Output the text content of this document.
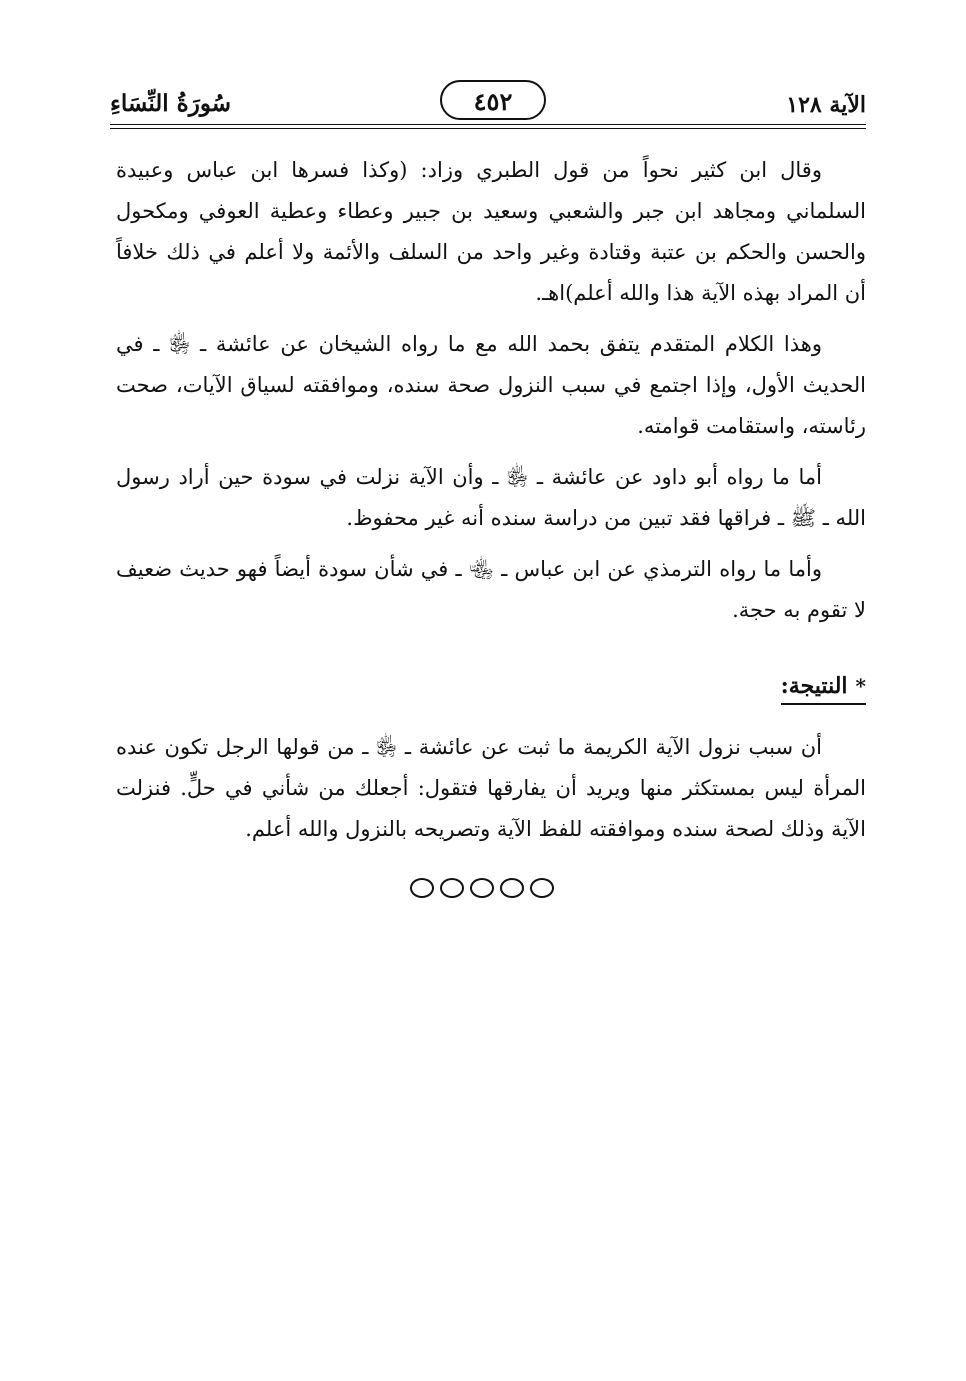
الآية ١٢٨
٤٥٢
سُورَةُ النِّسَاءِ

وقال ابن كثير نحواً من قول الطبري وزاد: (وكذا فسرها ابن عباس وعبيدة السلماني ومجاهد ابن جبر والشعبي وسعيد بن جبير وعطاء وعطية العوفي ومكحول والحسن والحكم بن عتبة وقتادة وغير واحد من السلف والأئمة ولا أعلم في ذلك خلافاً أن المراد بهذه الآية هذا والله أعلم)اهـ.

وهذا الكلام المتقدم يتفق بحمد الله مع ما رواه الشيخان عن عائشة ـ ﵂ ـ في الحديث الأول، وإذا اجتمع في سبب النزول صحة سنده، وموافقته لسياق الآيات، صحت رئاسته، واستقامت قوامته.

أما ما رواه أبو داود عن عائشة ـ ﵂ ـ وأن الآية نزلت في سودة حين أراد رسول الله ـ ﷺ ـ فراقها فقد تبين من دراسة سنده أنه غير محفوظ.

وأما ما رواه الترمذي عن ابن عباس ـ ﵄ ـ في شأن سودة أيضاً فهو حديث ضعيف لا تقوم به حجة.

*النتيجة:

أن سبب نزول الآية الكريمة ما ثبت عن عائشة ـ ﵂ ـ من قولها الرجل تكون عنده المرأة ليس بمستكثر منها ويريد أن يفارقها فتقول: أجعلك من شأني في حلٍّ. فنزلت الآية وذلك لصحة سنده وموافقته للفظ الآية وتصريحه بالنزول والله أعلم.
